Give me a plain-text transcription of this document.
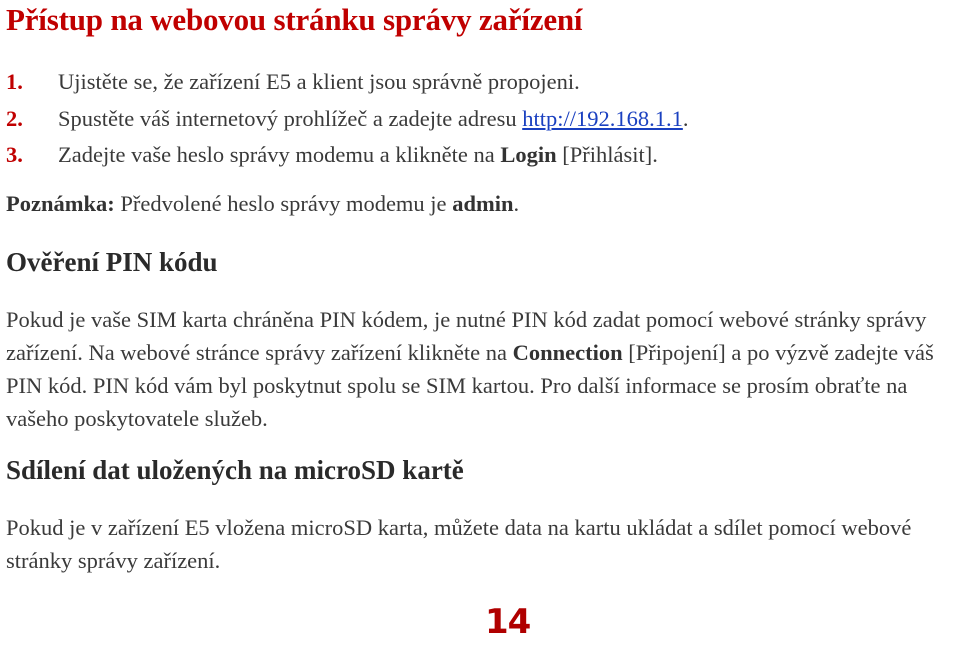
Přístup na webovou stránku správy zařízení
1. Ujistěte se, že zařízení E5 a klient jsou správně propojeni.
2. Spustěte váš internetový prohlížeč a zadejte adresu http://192.168.1.1.
3. Zadejte vaše heslo správy modemu a klikněte na Login [Přihlásit].
Poznámka: Předvolené heslo správy modemu je admin.
Ověření PIN kódu

Pokud je vaše SIM karta chráněna PIN kódem, je nutné PIN kód zadat pomocí webové stránky správy zařízení. Na webové stránce správy zařízení klikněte na Connection [Připojení] a po výzvě zadejte váš PIN kód. PIN kód vám byl poskytnut spolu se SIM kartou. Pro další informace se prosím obraťte na vašeho poskytovatele služeb.

Sdílení dat uložených na microSD kartě

Pokud je v zařízení E5 vložena microSD karta, můžete data na kartu ukládat a sdílet pomocí webové stránky správy zařízení.

14
